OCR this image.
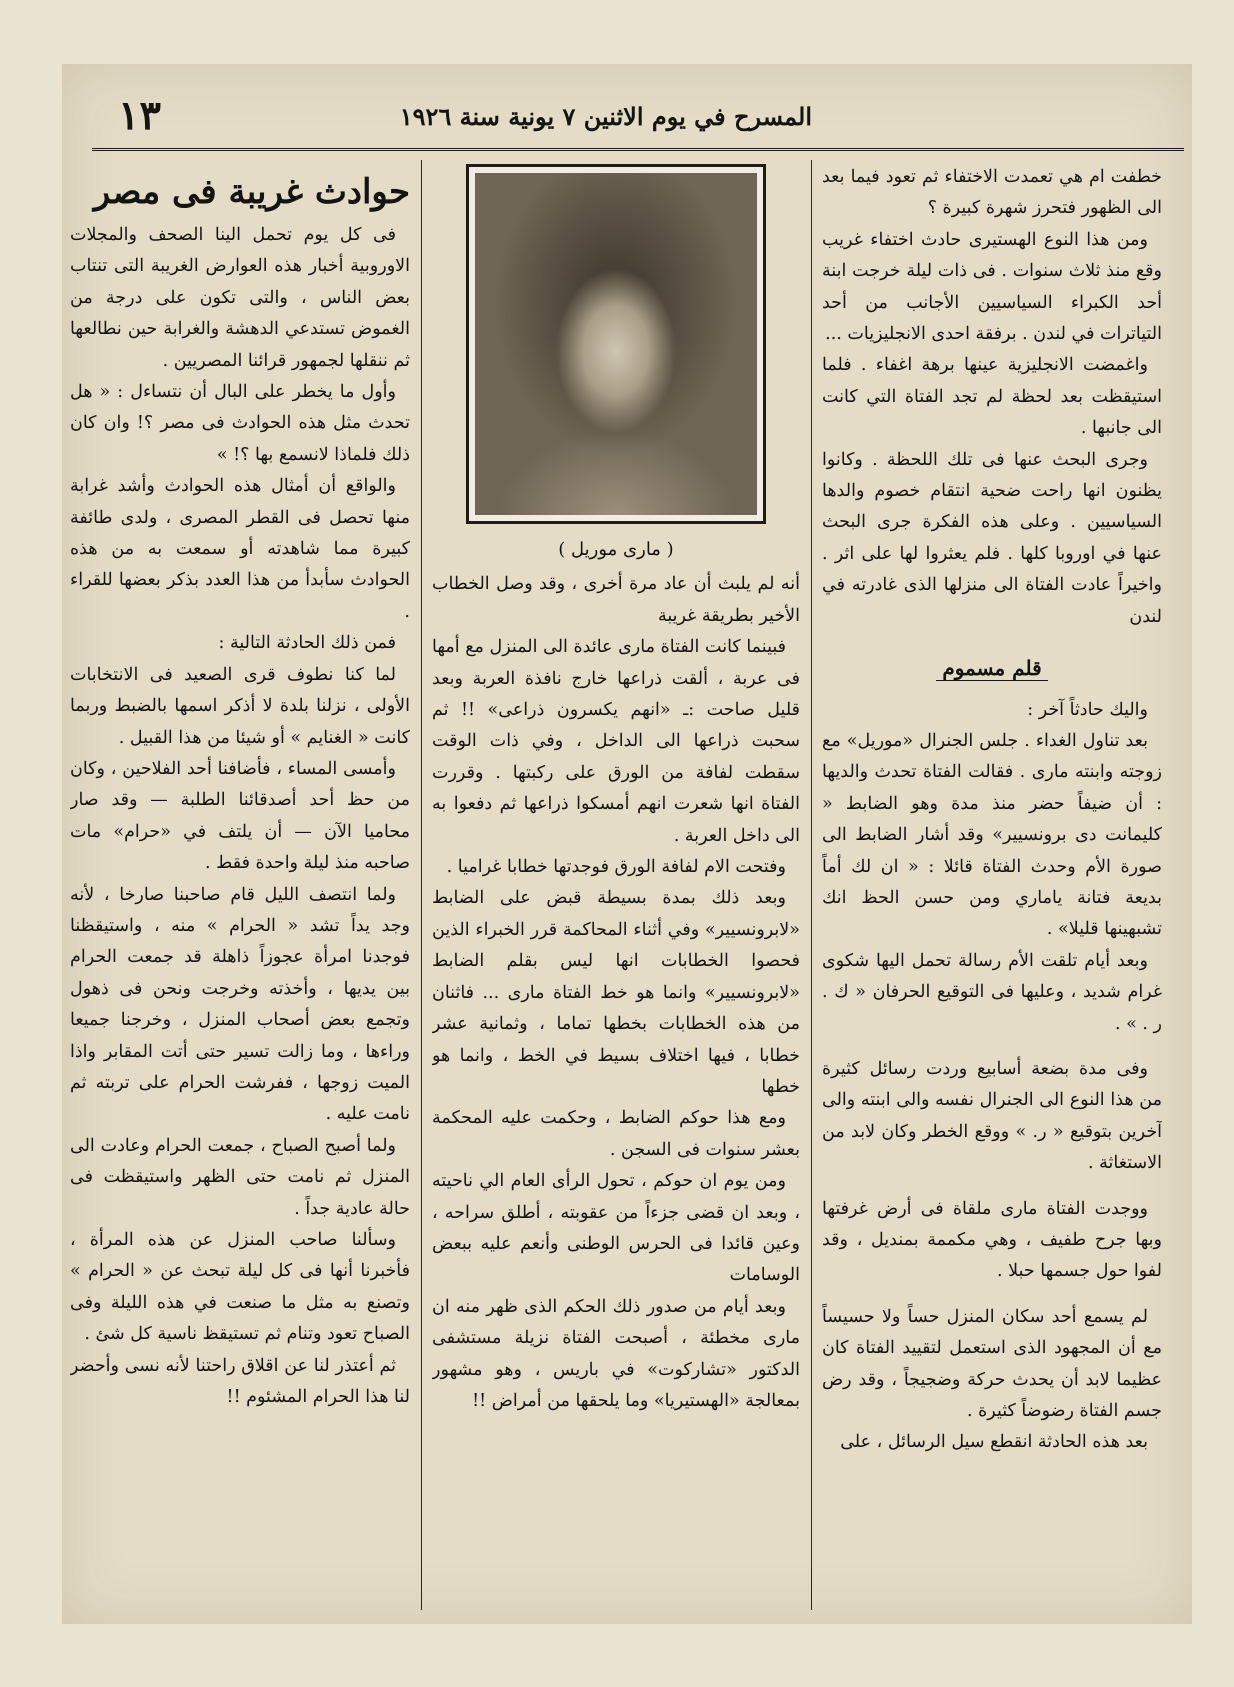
المسرح في يوم الاثنين ٧ يونية سنة ١٩٢٦
١٣

خطفت ام هي تعمدت الاختفاء ثم تعود فيما بعد الى الظهور فتحرز شهرة كبيرة ؟

ومن هذا النوع الهستيرى حادث اختفاء غريب وقع منذ ثلاث سنوات . فى ذات ليلة خرجت ابنة أحد الكبراء السياسيين الأجانب من أحد التياترات في لندن . برفقة احدى الانجليزيات ...

واغمضت الانجليزية عينها برهة اغفاء . فلما استيقظت بعد لحظة لم تجد الفتاة التي كانت الى جانبها .

وجرى البحث عنها فى تلك اللحظة . وكانوا يظنون انها راحت ضحية انتقام خصوم والدها السياسيين . وعلى هذه الفكرة جرى البحث عنها في اوروبا كلها . فلم يعثروا لها على اثر . واخيراً عادت الفتاة الى منزلها الذى غادرته في لندن

قلم مسموم

واليك حادثاً آخر :

بعد تناول الغداء . جلس الجنرال «موريل» مع زوجته وابنته مارى . فقالت الفتاة تحدث والديها : أن ضيفاً حضر منذ مدة وهو الضابط « كليمانت دى برونسيير» وقد أشار الضابط الى صورة الأم وحدث الفتاة قائلا : « ان لك أماً بديعة فتانة ياماري ومن حسن الحظ انك تشبهينها قليلا» .

وبعد أيام تلقت الأم رسالة تحمل اليها شكوى غرام شديد ، وعليها فى التوقيع الحرفان « ك . ر . » .

وفى مدة بضعة أسابيع وردت رسائل كثيرة من هذا النوع الى الجنرال نفسه والى ابنته والى آخرين بتوقيع « ر. » ووقع الخطر وكان لابد من الاستغاثة .

ووجدت الفتاة مارى ملقاة فى أرض غرفتها وبها جرح طفيف ، وهي مكممة بمنديل ، وقد لفوا حول جسمها حبلا .

لم يسمع أحد سكان المنزل حساً ولا حسيساً مع أن المجهود الذى استعمل لتقييد الفتاة كان عظيما لابد أن يحدث حركة وضجيجاً ، وقد رض جسم الفتاة رضوضاً كثيرة .

بعد هذه الحادثة انقطع سيل الرسائل ، على

( مارى موريل )

أنه لم يلبث أن عاد مرة أخرى ، وقد وصل الخطاب الأخير بطريقة غريبة

فبينما كانت الفتاة مارى عائدة الى المنزل مع أمها فى عربة ، ألقت ذراعها خارج نافذة العربة وبعد قليل صاحت :ـ «انهم يكسرون ذراعى» !! ثم سحبت ذراعها الى الداخل ، وفي ذات الوقت سقطت لفافة من الورق على ركبتها . وقررت الفتاة انها شعرت انهم أمسكوا ذراعها ثم دفعوا به الى داخل العربة .

وفتحت الام لفافة الورق فوجدتها خطابا غراميا .

وبعد ذلك بمدة بسيطة قبض على الضابط «لابرونسيير» وفي أثناء المحاكمة قرر الخبراء الذين فحصوا الخطابات انها ليس بقلم الضابط «لابرونسيير» وانما هو خط الفتاة مارى ... فاثنان من هذه الخطابات بخطها تماما ، وثمانية عشر خطابا ، فيها اختلاف بسيط في الخط ، وانما هو خطها

ومع هذا حوكم الضابط ، وحكمت عليه المحكمة بعشر سنوات فى السجن .

ومن يوم ان حوكم ، تحول الرأى العام الي ناحيته ، وبعد ان قضى جزءاً من عقوبته ، أطلق سراحه ، وعين قائدا فى الحرس الوطنى وأنعم عليه ببعض الوسامات

وبعد أيام من صدور ذلك الحكم الذى ظهر منه ان مارى مخطئة ، أصبحت الفتاة نزيلة مستشفى الدكتور «تشاركوت» في باريس ، وهو مشهور بمعالجة «الهستيريا» وما يلحقها من أمراض !!

حوادث غريبة فى مصر

فى كل يوم تحمل الينا الصحف والمجلات الاوروبية أخبار هذه العوارض الغريبة التى تنتاب بعض الناس ، والتى تكون على درجة من الغموض تستدعي الدهشة والغرابة حين نطالعها ثم ننقلها لجمهور قرائنا المصريين .

وأول ما يخطر على البال أن نتساءل : « هل تحدث مثل هذه الحوادث فى مصر ؟! وان كان ذلك فلماذا لانسمع بها ؟! »

والواقع أن أمثال هذه الحوادث وأشد غرابة منها تحصل فى القطر المصرى ، ولدى طائفة كبيرة مما شاهدته أو سمعت به من هذه الحوادث سأبدأ من هذا العدد بذكر بعضها للقراء .

فمن ذلك الحادثة التالية :

لما كنا نطوف قرى الصعيد فى الانتخابات الأولى ، نزلنا بلدة لا أذكر اسمها بالضبط وربما كانت « الغنايم » أو شيئا من هذا القبيل .

وأمسى المساء ، فأضافنا أحد الفلاحين ، وكان من حظ أحد أصدقائنا الطلبة — وقد صار محاميا الآن — أن يلتف في «حرام» مات صاحبه منذ ليلة واحدة فقط .

ولما انتصف الليل قام صاحبنا صارخا ، لأنه وجد يداً تشد « الحرام » منه ، واستيقظنا فوجدنا امرأة عجوزاً ذاهلة قد جمعت الحرام بين يديها ، وأخذته وخرجت ونحن فى ذهول وتجمع بعض أصحاب المنزل ، وخرجنا جميعا وراءها ، وما زالت تسير حتى أتت المقابر واذا الميت زوجها ، ففرشت الحرام على تربته ثم نامت عليه .

ولما أصبح الصباح ، جمعت الحرام وعادت الى المنزل ثم نامت حتى الظهر واستيقظت فى حالة عادية جداً .

وسألنا صاحب المنزل عن هذه المرأة ، فأخبرنا أنها فى كل ليلة تبحث عن « الحرام » وتصنع به مثل ما صنعت في هذه الليلة وفى الصباح تعود وتنام ثم تستيقظ ناسية كل شئ .

ثم أعتذر لنا عن اقلاق راحتنا لأنه نسى وأحضر لنا هذا الحرام المشئوم !!
